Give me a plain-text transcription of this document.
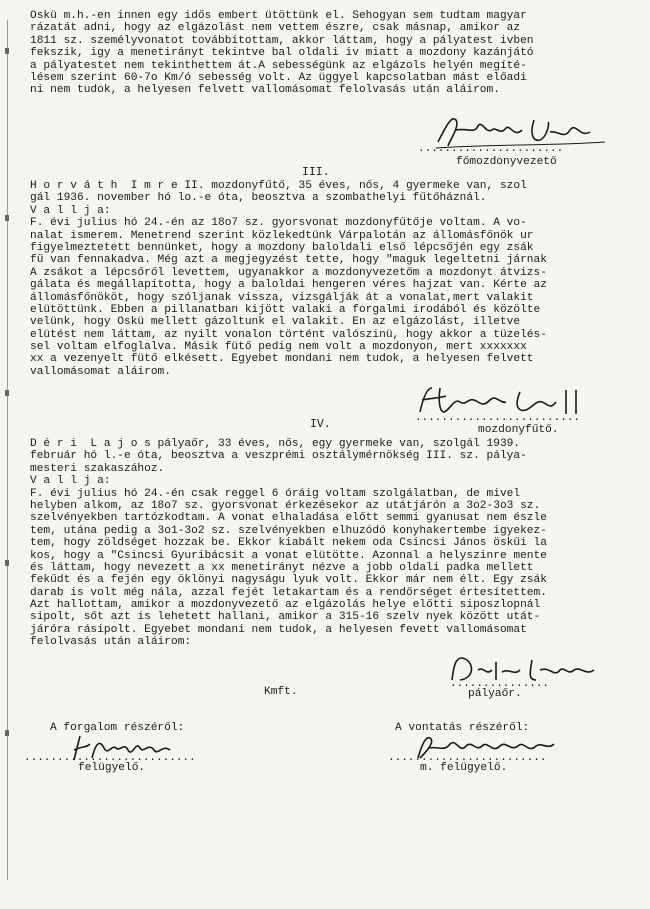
Öskü m.h.-en innen egy idős embert ütöttünk el. Sehogyan sem tudtam magyar
rázatát adni, hogy az elgázolást nem vettem észre, csak másnap, amikor az
1811 sz. személyvonatot továbbítottam, akkor láttam, hogy a pályatest ivben
fekszik, igy a menetirányt tekintve bal oldali iv miatt a mozdony kazánjátó
a pályatestet nem tekinthettem át.A sebességünk az elgázols helyén megíté-
lésem szerint 60-7o Km/ó sebesség volt. Az üggyel kapcsolatban mást előadi
ni nem tudok, a helyesen felvett vallomásomat felolvasás után aláirom.
......................
főmozdonyvezető
III.
H o r v á t h  I m r e II. mozdonyfűtő, 35 éves, nős, 4 gyermeke van, szol
gál 1936. november hó lo.-e óta, beosztva a szombathelyi fűtőháznál.
V a l l j a:
F. évi julius hó 24.-én az 18o7 sz. gyorsvonat mozdonyfűtője voltam. A vo-
nalat ismerem. Menetrend szerint közlekedtünk Várpalotán az állomásfőnök ur
figyelmeztetett bennünket, hogy a mozdony baloldali első lépcsőjén egy zsák
fű van fennakadva. Még azt a megjegyzést tette, hogy "maguk legeltetni járnak
A zsákot a lépcsőről levettem, ugyanakkor a mozdonyvezetőm a mozdonyt átvizs-
gálata és megállapította, hogy a baloldai hengeren véres hajzat van. Kérte az
állomásfőnököt, hogy szóljanak vissza, vizsgálják át a vonalat,mert valakit
elütöttünk. Ebben a pillanatban kijött valaki a forgalmi irodából és közölte
velünk, hogy Öskü mellett gázoltunk el valakit. En az elgázolást, illetve
elütést nem láttam, az nyilt vonalon történt valószinü, hogy akkor a tüzelés-
sel voltam elfoglalva. Másik fütő pedig nem volt a mozdonyon, mert xxxxxxx
xx a vezenyelt fütő elkésett. Egyebet mondani nem tudok, a helyesen felvett
vallomásomat aláirom.
.........................
mozdonyfűtő.
IV.
D é r i  L a j o s pályaőr, 33 éves, nős, egy gyermeke van, szolgál 1939.
február hó l.-e óta, beosztva a veszprémi osztálymérnökség III. sz. pálya-
mesteri szakaszához.
V a l l j a:
F. évi julius hó 24.-én csak reggel 6 óráig voltam szolgálatban, de mivel
helyben alkom, az 18o7 sz. gyorsvonat érkezésekor az utátjárón a 3o2-3o3 sz.
szelvényekben tartózkodtam. A vonat elhaladása előtt semmi gyanusat nem észle
tem, utána pedig a 3o1-3o2 sz. szelvényekben elhuzódó konyhakertembe igyekez-
tem, hogy zöldséget hozzak be. Ekkor kiabált nekem oda Csincsi János öskűi la
kos, hogy a "Csincsi Gyuribácsit a vonat elütötte. Azonnal a helyszinre mente
és láttam, hogy nevezett a xx menetirányt nézve a jobb oldali padka mellett
fekűdt és a fején egy öklönyi nagyságu lyuk volt. Ekkor már nem élt. Egy zsák
darab is volt még nála, azzal fejét letakartam és a rendőrséget értesítettem.
Azt hallottam, amikor a mozdonyvezető az elgázolás helye előtti siposzlopnál
sipolt, sőt azt is lehetett hallani, amikor a 315-16 szelv nyek között utát-
járóra rásipolt. Egyebet mondani nem tudok, a helyesen fevett vallomásomat
felolvasás után aláirom:
...............
pályaőr.
Kmft.
A forgalom részéről:
..........................
felügyelő.
A vontatás részéről:
........................
m. felügyelő.
